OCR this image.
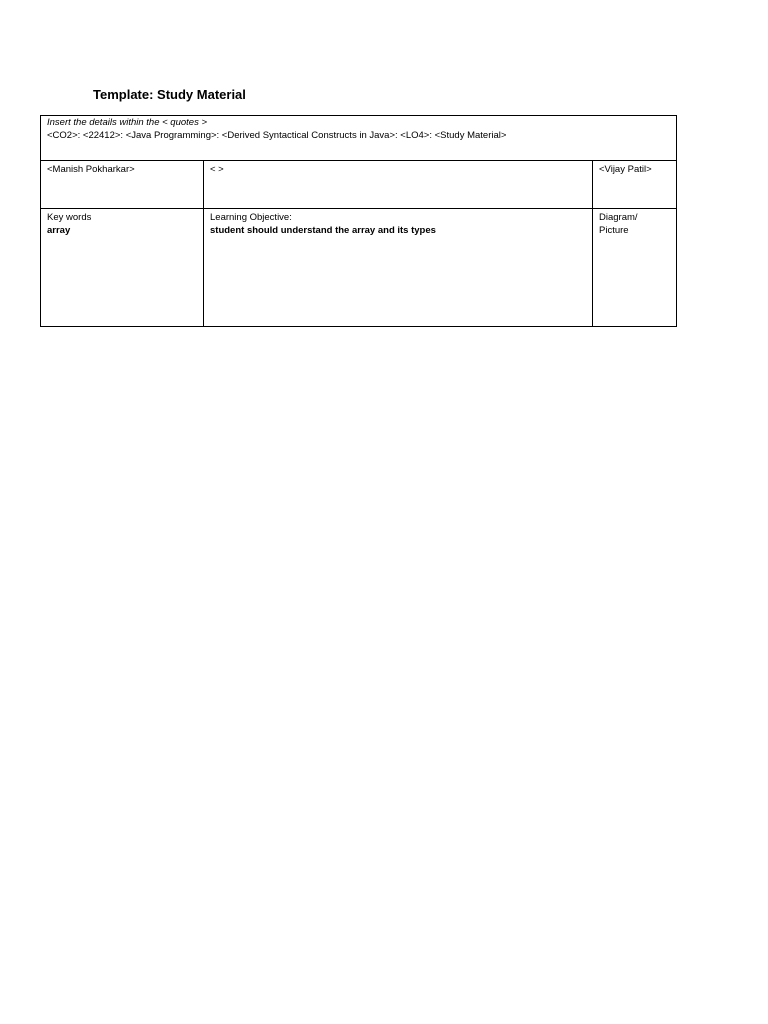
Template: Study Material
Insert the details within the < quotes >
<CO2>: <22412>: <Java Programming>: <Derived Syntactical Constructs in Java>: <LO4>: <Study Material>
<Manish Pokharkar>	< >	<Vijay Patil>
Key words
array
Learning Objective:
student should understand the array and its types
Diagram/
Picture
